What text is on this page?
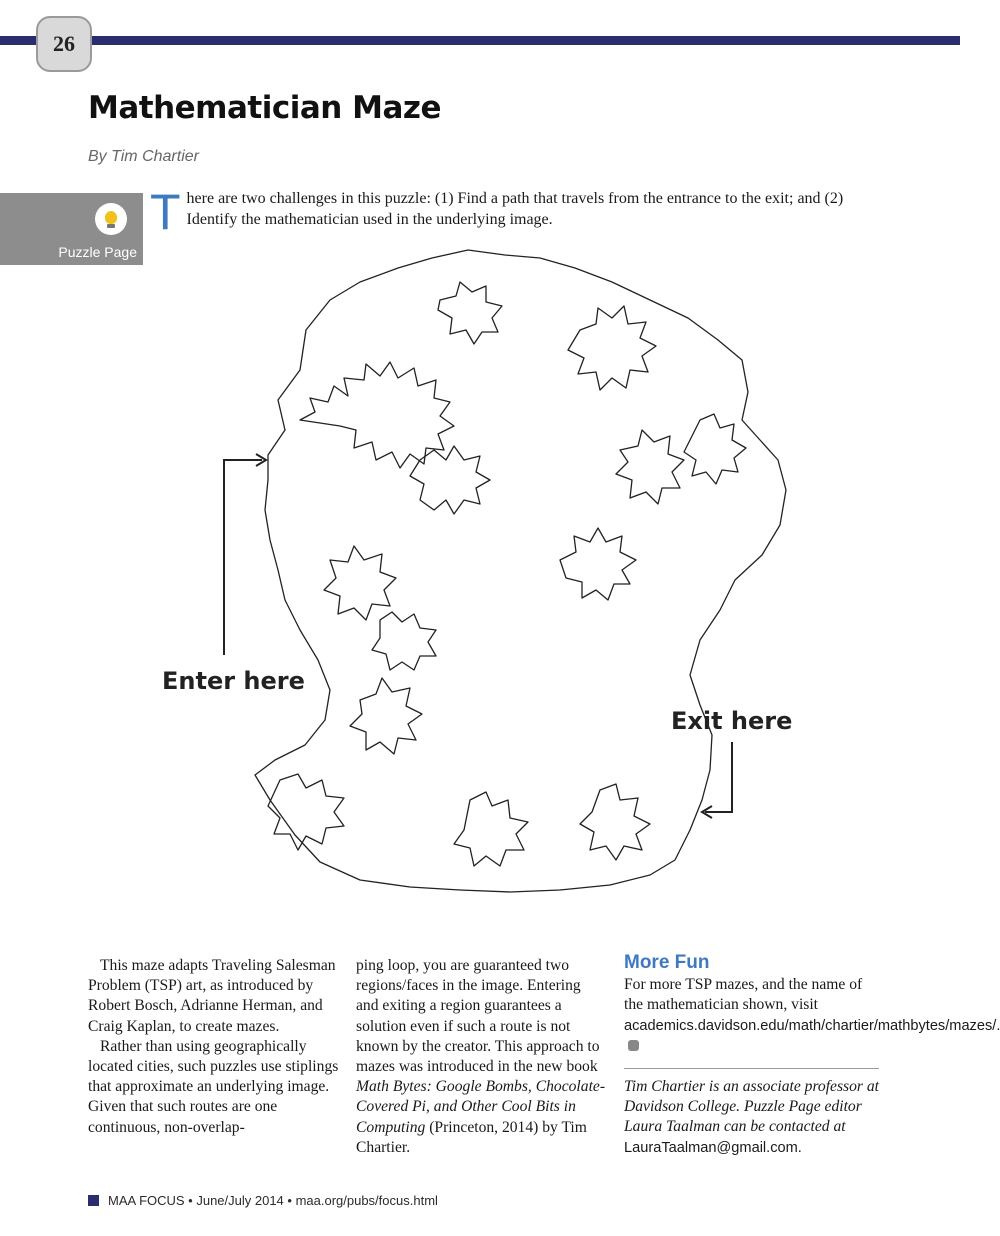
26
Mathematician Maze
By Tim Chartier
Puzzle Page
There are two challenges in this puzzle: (1) Find a path that travels from the entrance to the exit; and (2) Identify the mathematician used in the underlying image.
Enter here
Exit here

This maze adapts Traveling Salesman Problem (TSP) art, as introduced by Robert Bosch, Adrianne Herman, and Craig Kaplan, to create mazes.

Rather than using geographically located cities, such puzzles use stiplings that approximate an underlying image. Given that such routes are one continuous, non-overlap-

ping loop, you are guaranteed two regions/faces in the image. Entering and exiting a region guarantees a solution even if such a route is not known by the creator. This approach to mazes was introduced in the new book Math Bytes: Google Bombs, Chocolate-Covered Pi, and Other Cool Bits in Computing (Princeton, 2014) by Tim Chartier.

More Fun
For more TSP mazes, and the name of the mathematician shown, visit academics.davidson.edu/math/chartier/mathbytes/mazes/.
Tim Chartier is an associate professor at Davidson College. Puzzle Page editor Laura Taalman can be contacted at LauraTaalman@gmail.com.
MAA FOCUS • June/July 2014 • maa.org/pubs/focus.html
